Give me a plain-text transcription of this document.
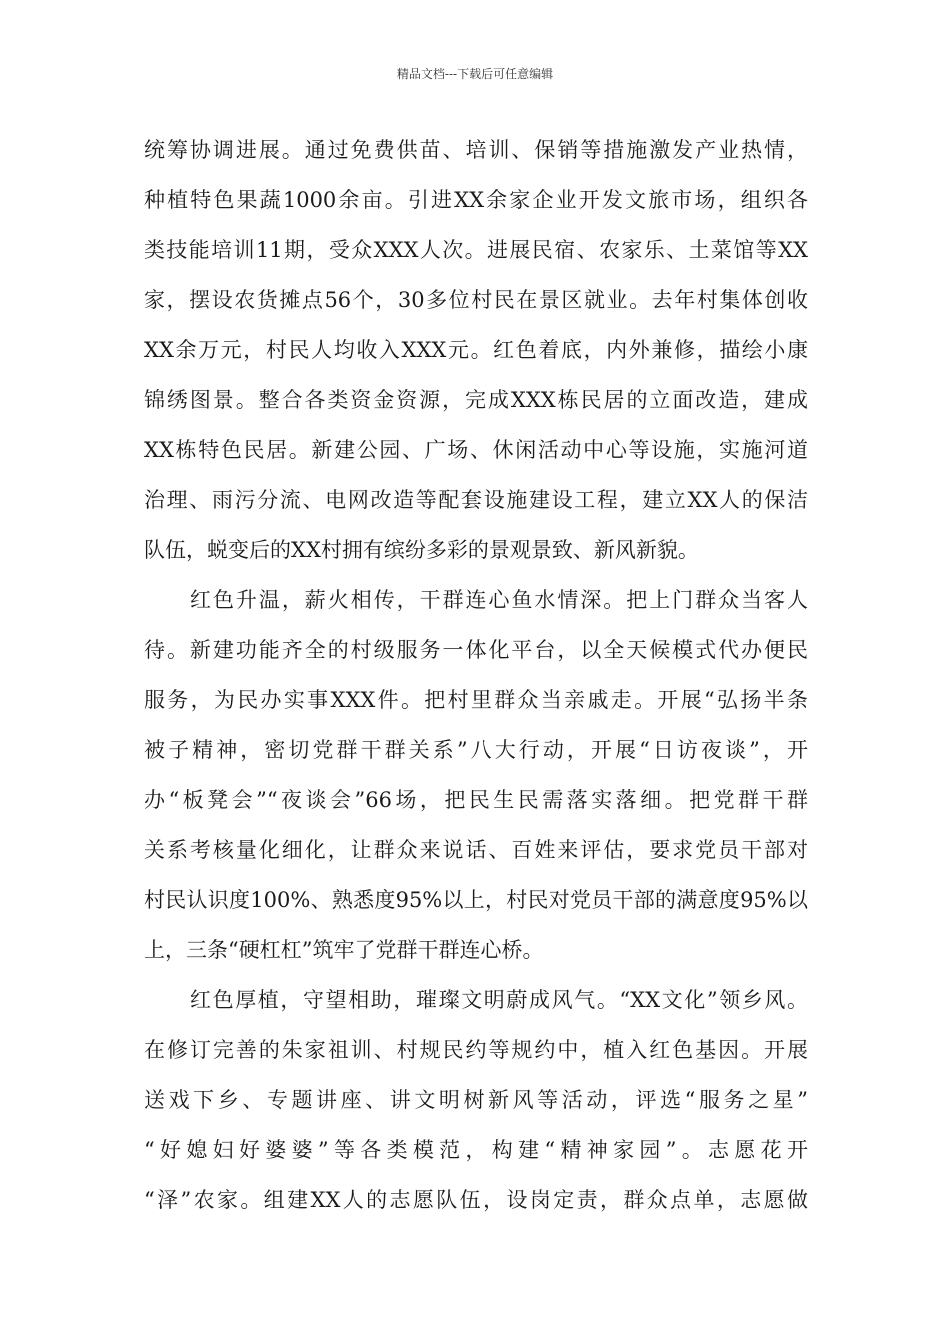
精品文档---下载后可任意编辑
统筹协调进展。通过免费供苗、培训、保销等措施激发产业热情，
种植特色果蔬1000余亩。引进XX余家企业开发文旅市场，组织各
类技能培训11期，受众XXX人次。进展民宿、农家乐、土菜馆等XX
家，摆设农货摊点56个，30多位村民在景区就业。去年村集体创收
XX余万元，村民人均收入XXX元。红色着底，内外兼修，描绘小康
锦绣图景。整合各类资金资源，完成XXX栋民居的立面改造，建成
XX栋特色民居。新建公园、广场、休闲活动中心等设施，实施河道
治理、雨污分流、电网改造等配套设施建设工程，建立XX人的保洁
队伍，蜕变后的XX村拥有缤纷多彩的景观景致、新风新貌。
红色升温，薪火相传，干群连心鱼水情深。把上门群众当客人
待。新建功能齐全的村级服务一体化平台，以全天候模式代办便民
服务，为民办实事XXX件。把村里群众当亲戚走。开展“弘扬半条
被子精神，密切党群干群关系”八大行动，开展“日访夜谈”，开
办“板凳会”“夜谈会”66场，把民生民需落实落细。把党群干群
关系考核量化细化，让群众来说话、百姓来评估，要求党员干部对
村民认识度100%、熟悉度95%以上，村民对党员干部的满意度95%以
上，三条“硬杠杠”筑牢了党群干群连心桥。
红色厚植，守望相助，璀璨文明蔚成风气。“XX文化”领乡风。
在修订完善的朱家祖训、村规民约等规约中，植入红色基因。开展
送戏下乡、专题讲座、讲文明树新风等活动，评选“服务之星”
“好媳妇好婆婆”等各类模范，构建“精神家园”。志愿花开
“泽”农家。组建XX人的志愿队伍，设岗定责，群众点单，志愿做
